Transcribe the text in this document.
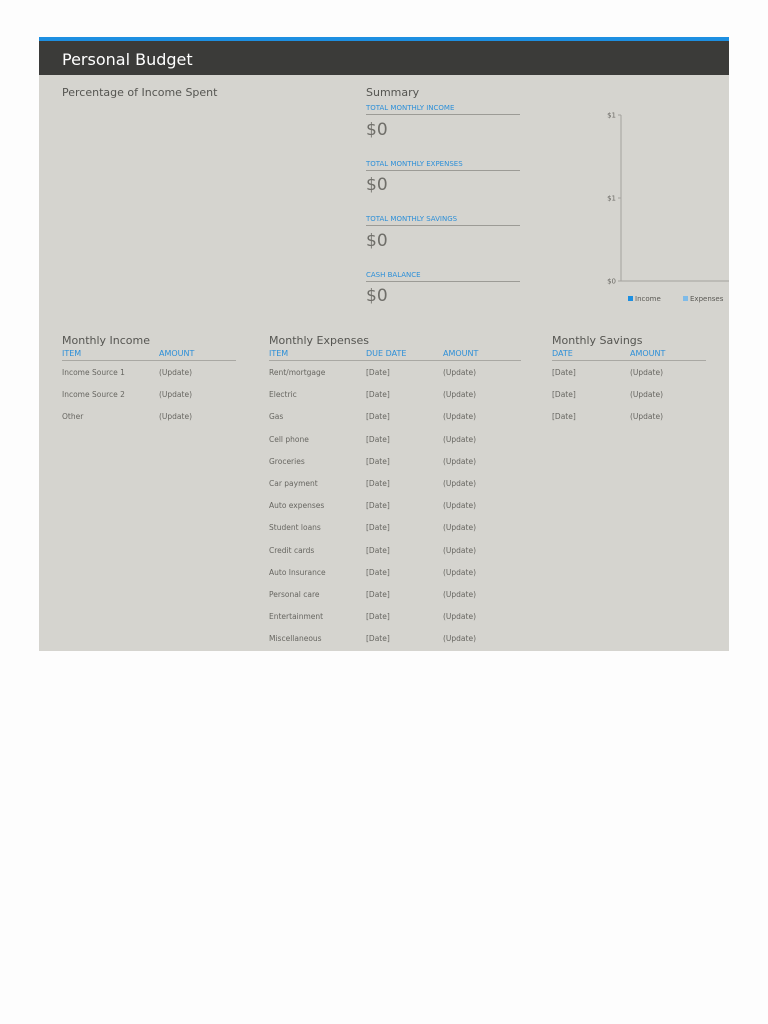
Personal Budget
Percentage of Income Spent	Summary
TOTAL MONTHLY INCOME
$0
TOTAL MONTHLY EXPENSES
$0
TOTAL MONTHLY SAVINGS
$0
CASH BALANCE
$0
$1
$1
$0
Income	Expenses
Monthly Income
ITEM	AMOUNT
Income Source 1	(Update)
Income Source 2	(Update)
Other	(Update)
Monthly Expenses
ITEM	DUE DATE	AMOUNT
Rent/mortgage	[Date]	(Update)
Electric	[Date]	(Update)
Gas	[Date]	(Update)
Cell phone	[Date]	(Update)
Groceries	[Date]	(Update)
Car payment	[Date]	(Update)
Auto expenses	[Date]	(Update)
Student loans	[Date]	(Update)
Credit cards	[Date]	(Update)
Auto Insurance	[Date]	(Update)
Personal care	[Date]	(Update)
Entertainment	[Date]	(Update)
Miscellaneous	[Date]	(Update)
Monthly Savings
DATE	AMOUNT
[Date]	(Update)
[Date]	(Update)
[Date]	(Update)
